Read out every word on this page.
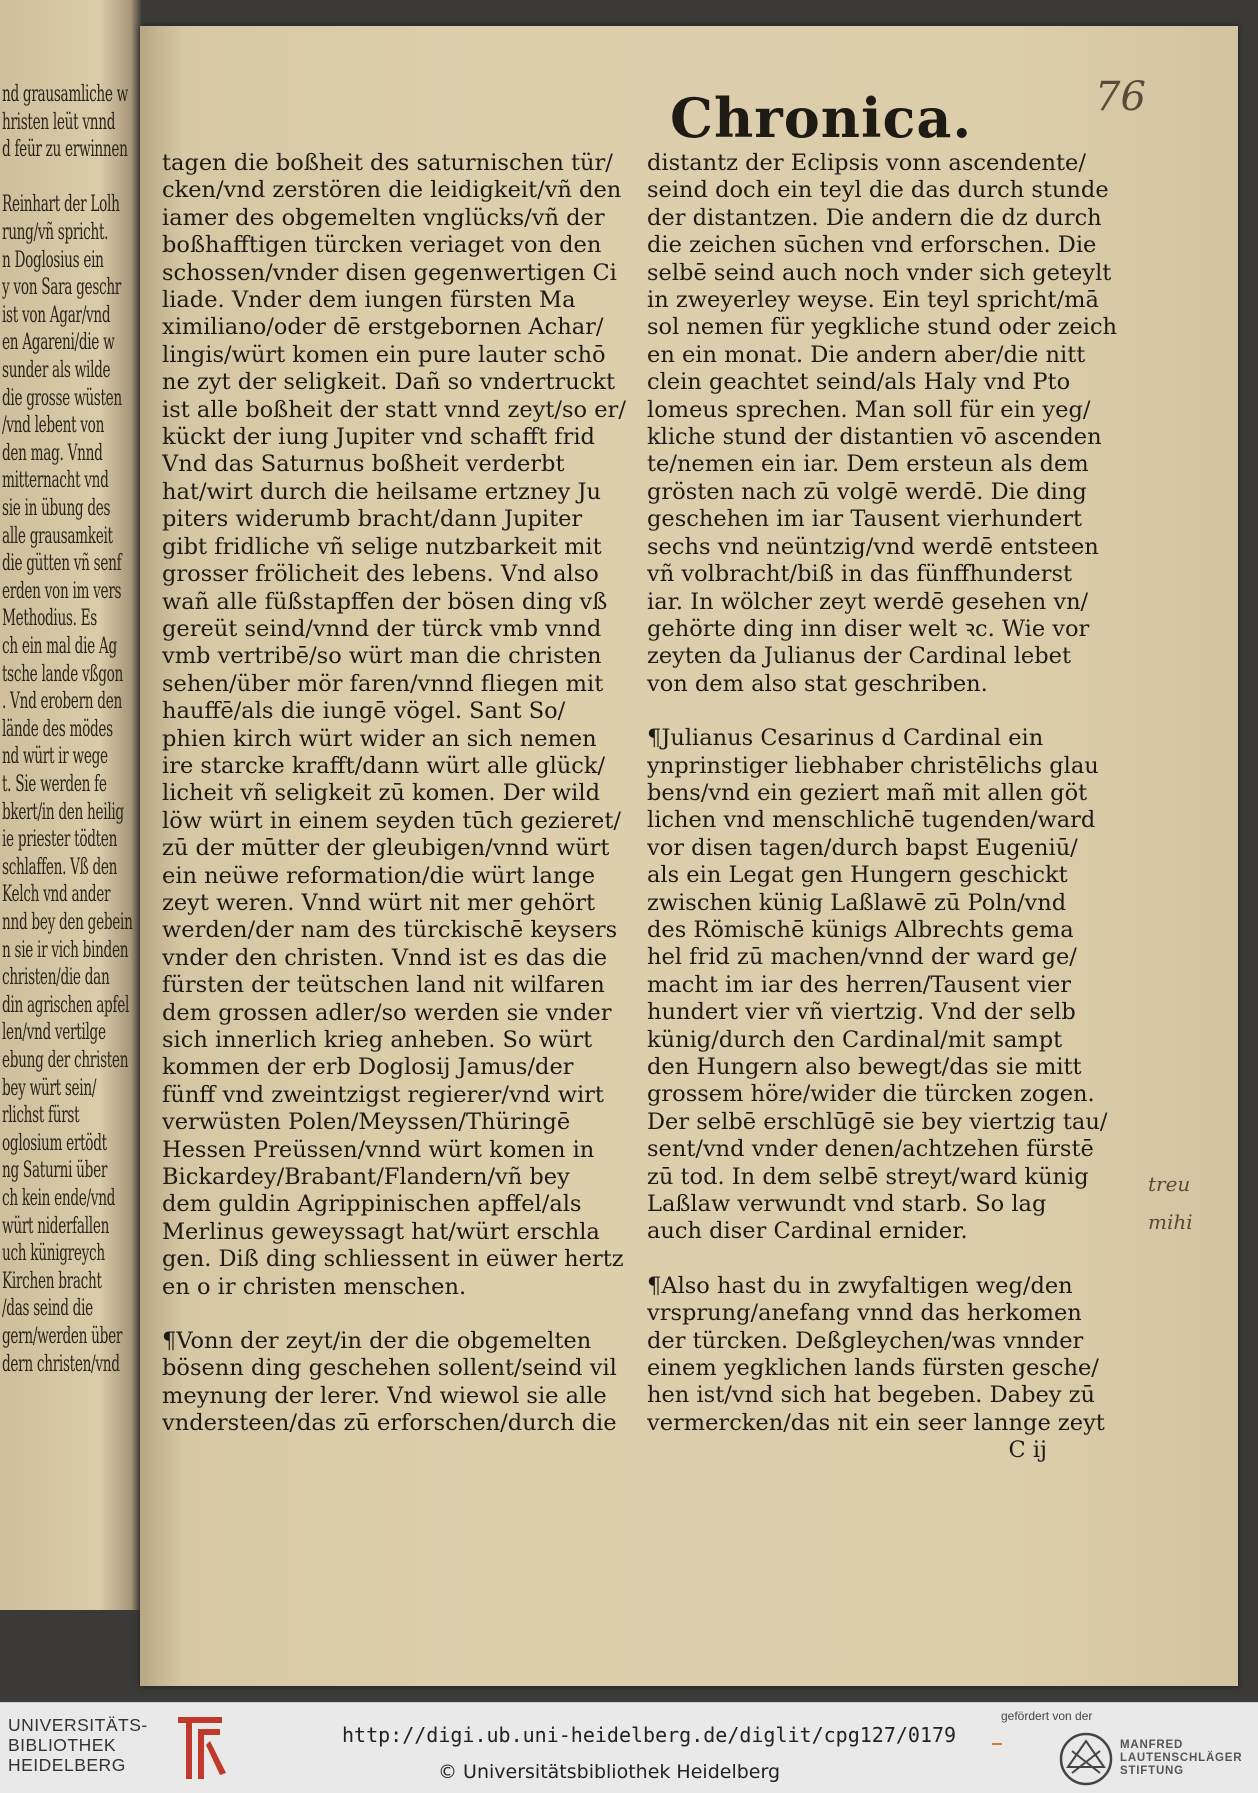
nd grausamliche w
hristen leüt vnnd
d feür zu erwinnen
Reinhart der Lolh
rung/vñ spricht.
n Doglosius ein
y von Sara geschr
ist von Agar/vnd
en Agareni/die w
sunder als wilde
die grosse wüsten
/vnd lebent von
den mag. Vnnd
mitternacht vnd
sie in übung des
alle grausamkeit
die gütten vñ senf
erden von im vers
Methodius. Es
ch ein mal die Ag
tsche lande vßgon
. Vnd erobern den
lände des mödes
nd würt ir wege
t. Sie werden fe
bkert/in den heilig
ie priester tödten
schlaffen. Vß den
Kelch vnd ander
nnd bey den gebein
n sie ir vich binden
christen/die dan
din agrischen apfel
len/vnd vertilge
ebung der christen
bey würt sein/
rlichst fürst
oglosium ertödt
ng Saturni über
ch kein ende/vnd
würt niderfallen
uch künigreych
Kirchen bracht
/das seind die
gern/werden über
dern christen/vnd
76
Chronica.
tagen die boßheit des saturnischen tür/
cken/vnd zerstören die leidigkeit/vñ den
iamer des obgemelten vnglücks/vñ der
boßhafftigen türcken veriaget von den
schossen/vnder disen gegenwertigen Ci
liade. Vnder dem iungen fürsten Ma
ximiliano/oder dē erstgebornen Achar/
lingis/würt komen ein pure lauter schō
ne zyt der seligkeit. Dañ so vndertruckt
ist alle boßheit der statt vnnd zeyt/so er/
kückt der iung Jupiter vnd schafft frid
Vnd das Saturnus boßheit verderbt
hat/wirt durch die heilsame ertzney Ju
piters widerumb bracht/dann Jupiter
gibt fridliche vñ selige nutzbarkeit mit
grosser frölicheit des lebens. Vnd also
wañ alle füßstapffen der bösen ding vß
gereüt seind/vnnd der türck vmb vnnd
vmb vertribē/so würt man die christen
sehen/über mör faren/vnnd fliegen mit
hauffē/als die iungē vögel. Sant So/
phien kirch würt wider an sich nemen
ire starcke krafft/dann würt alle glück/
licheit vñ seligkeit zū komen. Der wild
löw würt in einem seyden tūch gezieret/
zū der mūtter der gleubigen/vnnd würt
ein neüwe reformation/die würt lange
zeyt weren. Vnnd würt nit mer gehört
werden/der nam des türckischē keysers
vnder den christen. Vnnd ist es das die
fürsten der teütschen land nit wilfaren
dem grossen adler/so werden sie vnder
sich innerlich krieg anheben. So würt
kommen der erb Doglosij Jamus/der
fünff vnd zweintzigst regierer/vnd wirt
verwüsten Polen/Meyssen/Thüringē
Hessen Preüssen/vnnd würt komen in
Bickardey/Brabant/Flandern/vñ bey
dem guldin Agrippinischen apffel/als
Merlinus geweyssagt hat/würt erschla
gen. Diß ding schliessent in eüwer hertz
en o ir christen menschen.
¶Vonn der zeyt/in der die obgemelten
bösenn ding geschehen sollent/seind vil
meynung der lerer. Vnd wiewol sie alle
vndersteen/das zū erforschen/durch die
distantz der Eclipsis vonn ascendente/
seind doch ein teyl die das durch stunde
der distantzen. Die andern die dz durch
die zeichen sūchen vnd erforschen. Die
selbē seind auch noch vnder sich geteylt
in zweyerley weyse. Ein teyl spricht/mā
sol nemen für yegkliche stund oder zeich
en ein monat. Die andern aber/die nitt
clein geachtet seind/als Haly vnd Pto
lomeus sprechen. Man soll für ein yeg/
kliche stund der distantien vō ascenden
te/nemen ein iar. Dem ersteun als dem
grösten nach zū volgē werdē. Die ding
geschehen im iar Tausent vierhundert
sechs vnd neüntzig/vnd werdē entsteen
vñ volbracht/biß in das fünffhunderst
iar. In wölcher zeyt werdē gesehen vn/
gehörte ding inn diser welt ꝛc. Wie vor
zeyten da Julianus der Cardinal lebet
von dem also stat geschriben.
¶Julianus Cesarinus d Cardinal ein
ynprinstiger liebhaber christēlichs glau
bens/vnd ein geziert mañ mit allen göt
lichen vnd menschlichē tugenden/ward
vor disen tagen/durch bapst Eugeniū/
als ein Legat gen Hungern geschickt
zwischen künig Laßlawē zū Poln/vnd
des Römischē künigs Albrechts gema
hel frid zū machen/vnnd der ward ge/
macht im iar des herren/Tausent vier
hundert vier vñ viertzig. Vnd der selb
künig/durch den Cardinal/mit sampt
den Hungern also bewegt/das sie mitt
grossem höre/wider die türcken zogen.
Der selbē erschlūgē sie bey viertzig tau/
sent/vnd vnder denen/achtzehen fürstē
zū tod. In dem selbē streyt/ward künig
Laßlaw verwundt vnd starb. So lag
auch diser Cardinal ernider.
¶Also hast du in zwyfaltigen weg/den
vrsprung/anefang vnnd das herkomen
der türcken. Deßgleychen/was vnnder
einem yegklichen lands fürsten gesche/
hen ist/vnd sich hat begeben. Dabey zū
vermercken/das nit ein seer lannge zeyt
C ij
treu
mihi
UNIVERSITÄTS-
BIBLIOTHEK
HEIDELBERG
http://digi.ub.uni-heidelberg.de/diglit/cpg127/0179
© Universitätsbibliothek Heidelberg
gefördert von der
MANFRED
LAUTENSCHLÄGER
STIFTUNG
